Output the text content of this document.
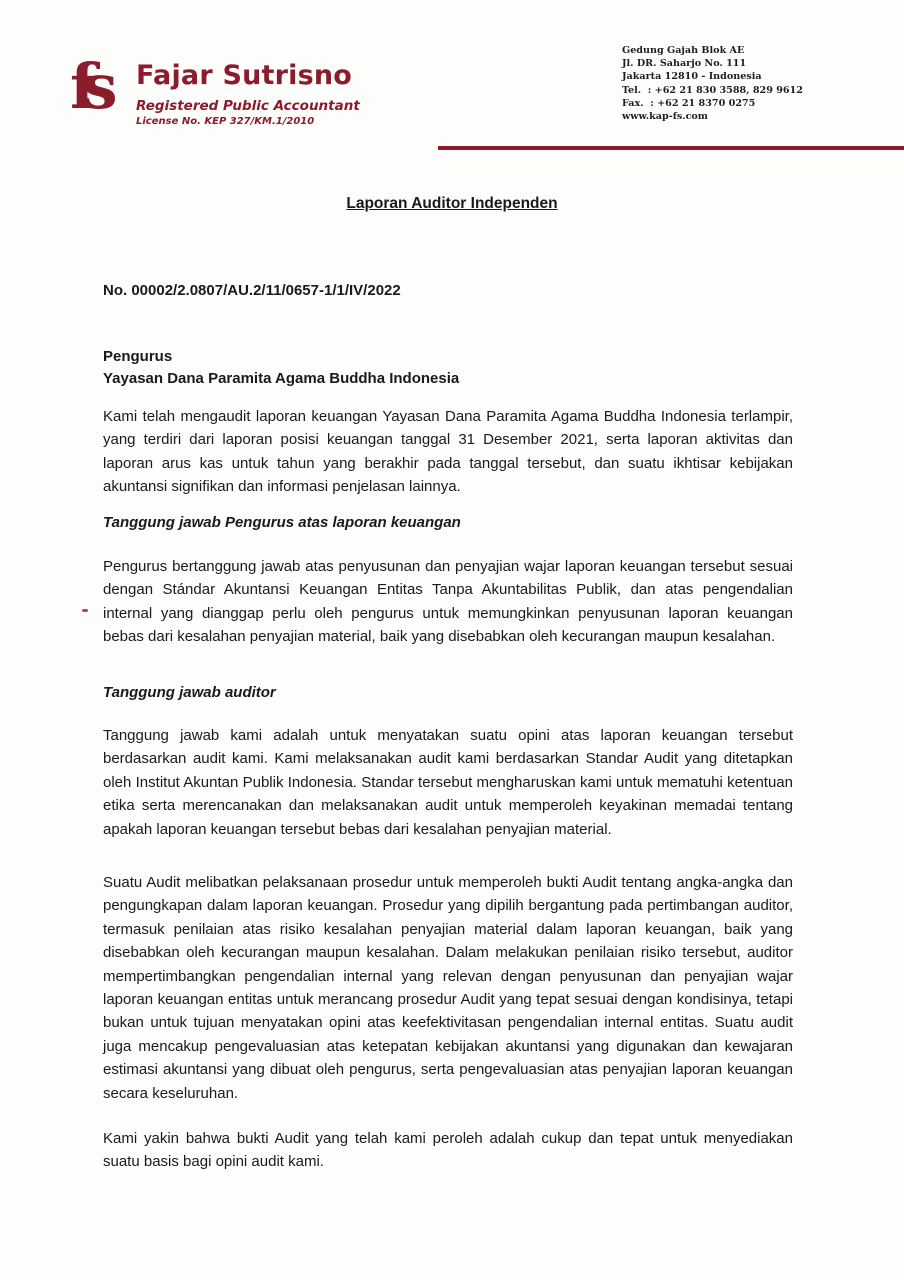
fs	Fajar Sutrisno
Registered Public Accountant
License No. KEP 327/KM.1/2010
Gedung Gajah Blok AE
Jl. DR. Saharjo No. 111
Jakarta 12810 - Indonesia
Tel.  : +62 21 830 3588, 829 9612
Fax.  : +62 21 8370 0275
www.kap-fs.com
Laporan Auditor Independen
No. 00002/2.0807/AU.2/11/0657-1/1/IV/2022
Pengurus
Yayasan Dana Paramita Agama Buddha Indonesia

Kami telah mengaudit laporan keuangan Yayasan Dana Paramita Agama Buddha Indonesia terlampir, yang terdiri dari laporan posisi keuangan tanggal 31 Desember 2021, serta laporan aktivitas dan laporan arus kas untuk tahun yang berakhir pada tanggal tersebut, dan suatu ikhtisar kebijakan akuntansi signifikan dan informasi penjelasan lainnya.

Tanggung jawab Pengurus atas laporan keuangan

Pengurus bertanggung jawab atas penyusunan dan penyajian wajar laporan keuangan tersebut sesuai dengan Stándar Akuntansi Keuangan Entitas Tanpa Akuntabilitas Publik, dan atas pengendalian internal yang dianggap perlu oleh pengurus untuk memungkinkan penyusunan laporan keuangan bebas dari kesalahan penyajian material, baik yang disebabkan oleh kecurangan maupun kesalahan.

Tanggung jawab auditor

Tanggung jawab kami adalah untuk menyatakan suatu opini atas laporan keuangan tersebut berdasarkan audit kami. Kami melaksanakan audit kami berdasarkan Standar Audit yang ditetapkan oleh Institut Akuntan Publik Indonesia. Standar tersebut mengharuskan kami untuk mematuhi ketentuan etika serta merencanakan dan melaksanakan audit untuk memperoleh keyakinan memadai tentang apakah laporan keuangan tersebut bebas dari kesalahan penyajian material.

Suatu Audit melibatkan pelaksanaan prosedur untuk memperoleh bukti Audit tentang angka-angka dan pengungkapan dalam laporan keuangan. Prosedur yang dipilih bergantung pada pertimbangan auditor, termasuk penilaian atas risiko kesalahan penyajian material dalam laporan keuangan, baik yang disebabkan oleh kecurangan maupun kesalahan. Dalam melakukan penilaian risiko tersebut, auditor mempertimbangkan pengendalian internal yang relevan dengan penyusunan dan penyajian wajar laporan keuangan entitas untuk merancang prosedur Audit yang tepat sesuai dengan kondisinya, tetapi bukan untuk tujuan menyatakan opini atas keefektivitasan pengendalian internal entitas. Suatu audit juga mencakup pengevaluasian atas ketepatan kebijakan akuntansi yang digunakan dan kewajaran estimasi akuntansi yang dibuat oleh pengurus, serta pengevaluasian atas penyajian laporan keuangan secara keseluruhan.

Kami yakin bahwa bukti Audit yang telah kami peroleh adalah cukup dan tepat untuk menyediakan suatu basis bagi opini audit kami.
